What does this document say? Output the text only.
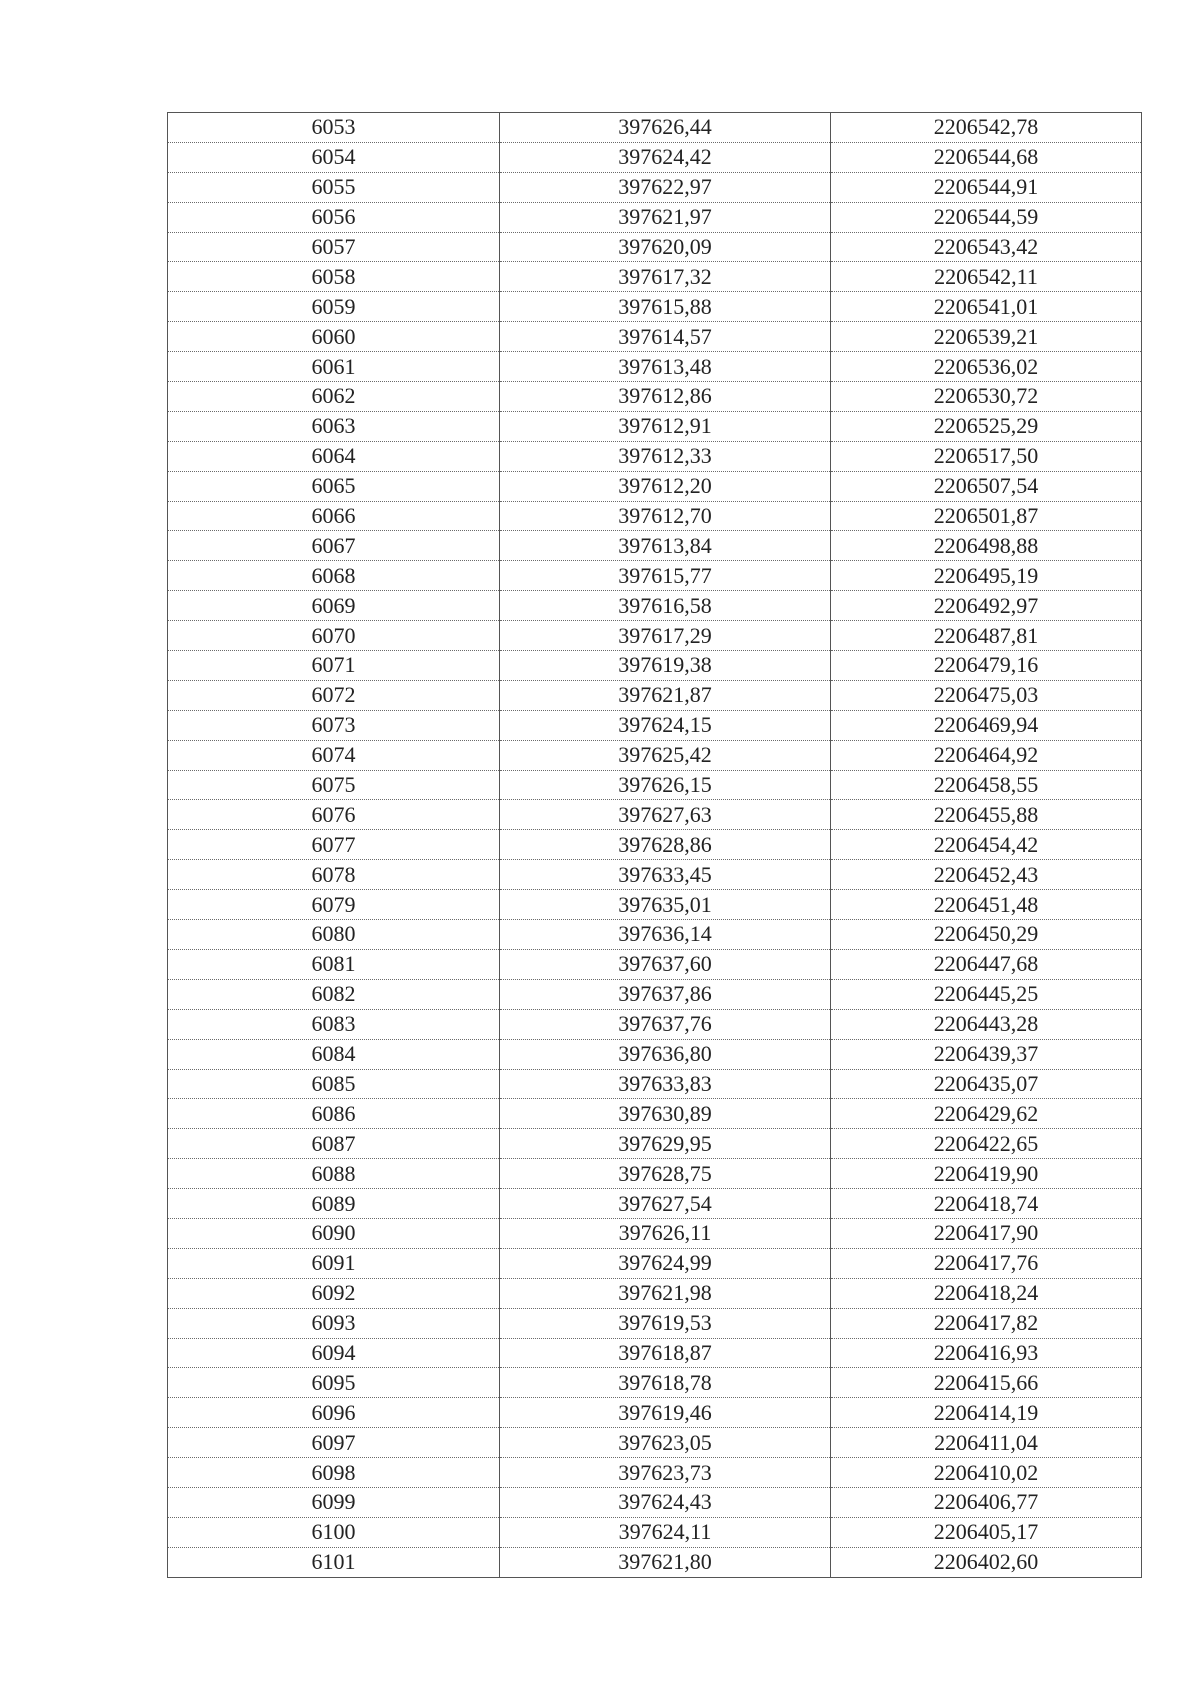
6053	397626,44	2206542,78
6054	397624,42	2206544,68
6055	397622,97	2206544,91
6056	397621,97	2206544,59
6057	397620,09	2206543,42
6058	397617,32	2206542,11
6059	397615,88	2206541,01
6060	397614,57	2206539,21
6061	397613,48	2206536,02
6062	397612,86	2206530,72
6063	397612,91	2206525,29
6064	397612,33	2206517,50
6065	397612,20	2206507,54
6066	397612,70	2206501,87
6067	397613,84	2206498,88
6068	397615,77	2206495,19
6069	397616,58	2206492,97
6070	397617,29	2206487,81
6071	397619,38	2206479,16
6072	397621,87	2206475,03
6073	397624,15	2206469,94
6074	397625,42	2206464,92
6075	397626,15	2206458,55
6076	397627,63	2206455,88
6077	397628,86	2206454,42
6078	397633,45	2206452,43
6079	397635,01	2206451,48
6080	397636,14	2206450,29
6081	397637,60	2206447,68
6082	397637,86	2206445,25
6083	397637,76	2206443,28
6084	397636,80	2206439,37
6085	397633,83	2206435,07
6086	397630,89	2206429,62
6087	397629,95	2206422,65
6088	397628,75	2206419,90
6089	397627,54	2206418,74
6090	397626,11	2206417,90
6091	397624,99	2206417,76
6092	397621,98	2206418,24
6093	397619,53	2206417,82
6094	397618,87	2206416,93
6095	397618,78	2206415,66
6096	397619,46	2206414,19
6097	397623,05	2206411,04
6098	397623,73	2206410,02
6099	397624,43	2206406,77
6100	397624,11	2206405,17
6101	397621,80	2206402,60
